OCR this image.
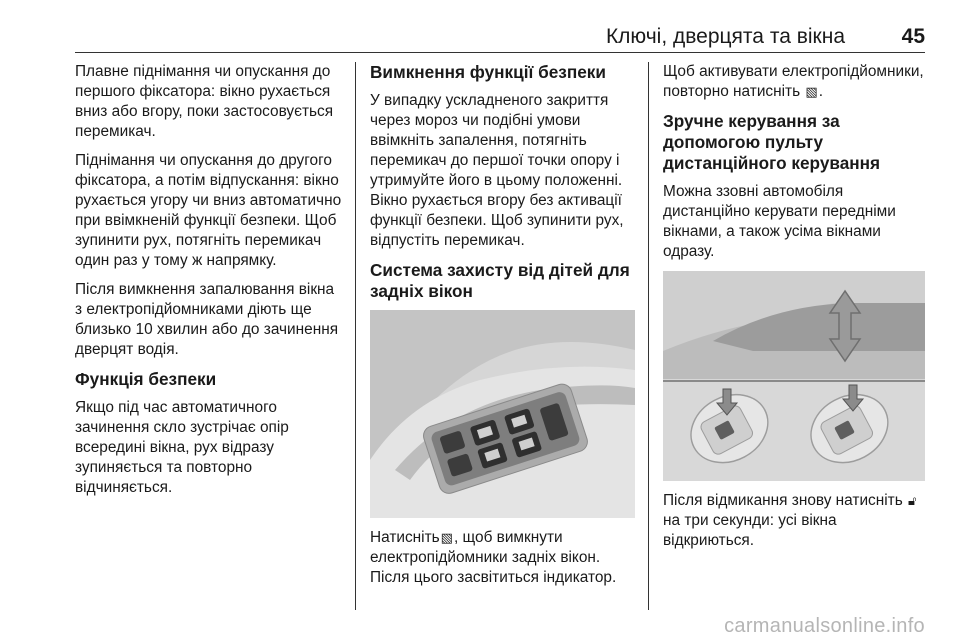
Ключі, дверцята та вікна	45

Плавне піднімання чи опускання до першого фіксатора: вікно рухається вниз або вгору, поки застосовується перемикач.

Піднімання чи опускання до другого фіксатора, а потім відпускання: вікно рухається угору чи вниз автоматично при ввімкненій функції безпеки. Щоб зупинити рух, потягніть перемикач один раз у тому ж напрямку.

Після вимкнення запалювання вікна з електропідйомниками діють ще близько 10 хвилин або до зачинення дверцят водія.

Функція безпеки

Якщо під час автоматичного зачинення скло зустрічає опір всередині вікна, рух відразу зупиняється та повторно відчиняється.

Вимкнення функції безпеки

У випадку ускладненого закриття через мороз чи подібні умови ввімкніть запалення, потягніть перемикач до першої точки опору і утримуйте його в цьому положенні. Вікно рухається вгору без активації функції безпеки. Щоб зупинити рух, відпустіть перемикач.

Система захисту від дітей для задніх вікон

Натисніть▧, щоб вимкнути електропідйомники задніх вікон. Після цього засвітиться індикатор.

Щоб активувати електропідйомники, повторно натисніть ▧.

Зручне керування за допомогою пульту дистанційного керування

Можна ззовні автомобіля дистанційно керувати передніми вікнами, а також усіма вікнами одразу.

Після відмикання знову натисніть 🔓︎на три секунди: усі вікна відкриються.

carmanualsonline.info
